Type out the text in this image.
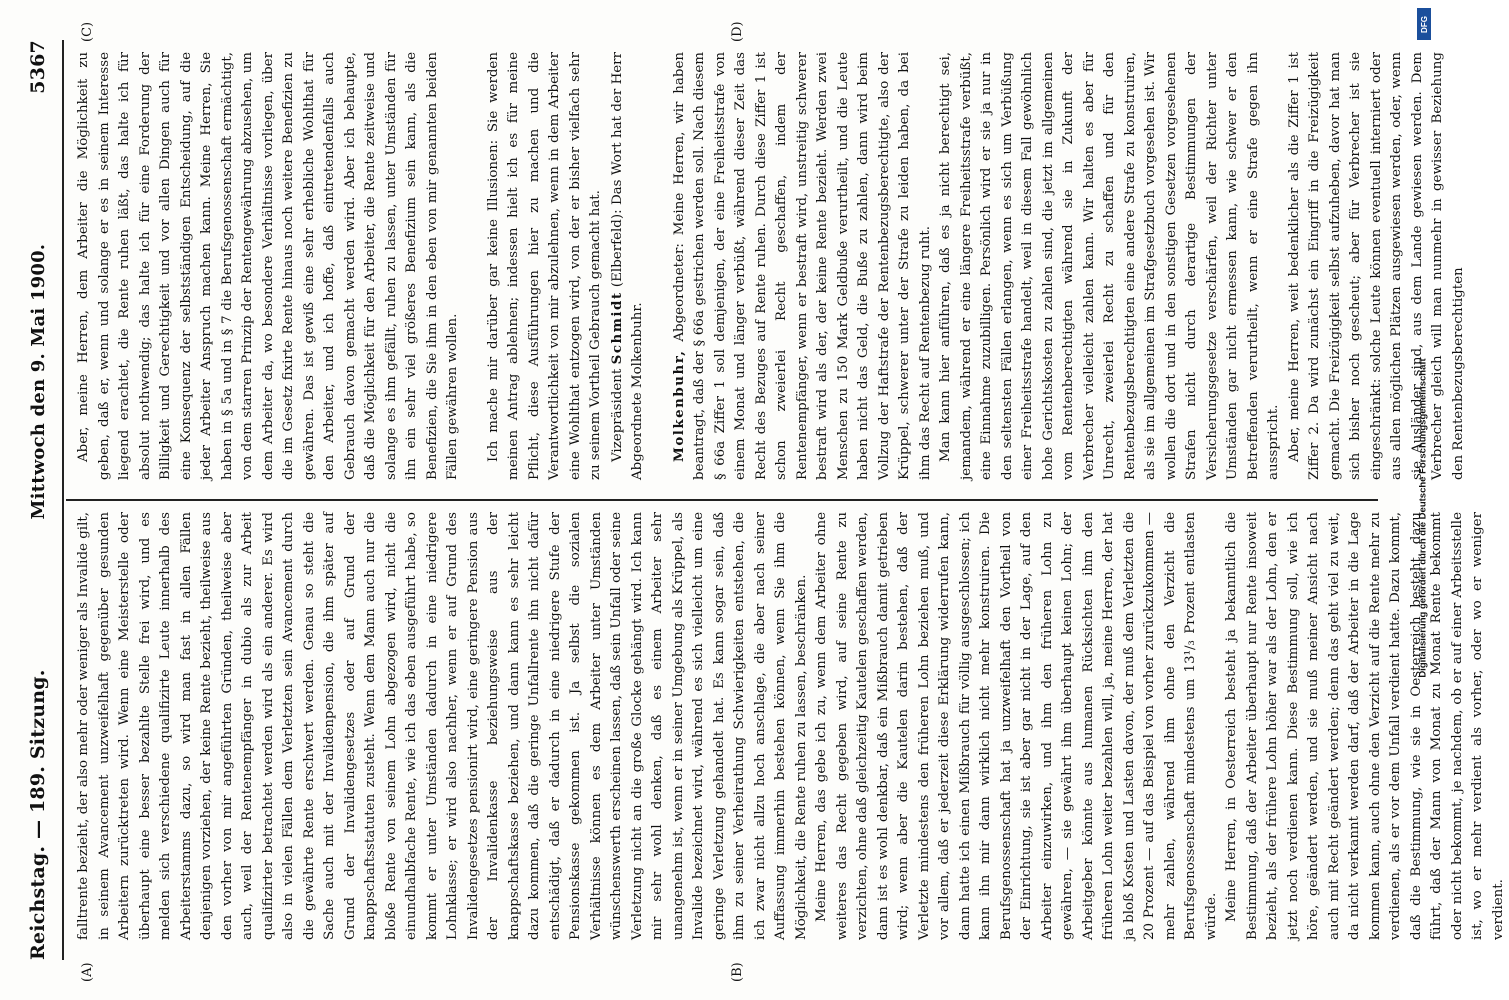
Reichstag. — 189. Sitzung.
Mittwoch den 9. Mai 1900.
5367
(A)	(B)
(C)	(D)

falltrente bezieht, der also mehr oder weniger als Invalide gilt, in seinem Avancement unzweifelhaft gegenüber gesunden Arbeitern zurücktreten wird. Wenn eine Meisterstelle oder überhaupt eine besser bezahlte Stelle frei wird, und es melden sich verschiedene qualifizirte Leute innerhalb des Arbeiterstamms dazu, so wird man fast in allen Fällen denjenigen vorziehen, der keine Rente bezieht, theilweise aus den vorher von mir angeführten Gründen, theilweise aber auch, weil der Rentenempfänger in dubio als zur Arbeit qualifizirter betrachtet werden wird als ein anderer. Es wird also in vielen Fällen dem Verletzten sein Avancement durch die gewährte Rente erschwert werden. Genau so steht die Sache auch mit der Invalidenpension, die ihm später auf Grund der Invalidengesetzes oder auf Grund der knappschaftsstatuten zusteht. Wenn dem Mann auch nur die bloße Rente von seinem Lohn abgezogen wird, nicht die einundhalbfache Rente, wie ich das eben ausgeführt habe, so kommt er unter Umständen dadurch in eine niedrigere Lohnklasse; er wird also nachher, wenn er auf Grund des Invalidengesetzes pensionirt wird, eine geringere Pension aus der Invalidenkasse beziehungsweise aus der knappschaftskasse beziehen, und dann kann es sehr leicht dazu kommen, daß die geringe Unfallrente ihn nicht dafür entschädigt, daß er dadurch in eine niedrigere Stufe der Pensionskasse gekommen ist. Ja selbst die sozialen Verhältnisse können es dem Arbeiter unter Umständen wünschenswerth erscheinen lassen, daß sein Unfall oder seine Verletzung nicht an die große Glocke gehängt wird. Ich kann mir sehr wohl denken, daß es einem Arbeiter sehr unangenehm ist, wenn er in seiner Umgebung als Krüppel, als Invalide bezeichnet wird, während es sich vielleicht um eine geringe Verletzung gehandelt hat. Es kann sogar sein, daß ihm zu seiner Verheirathung Schwierigkeiten entstehen, die ich zwar nicht allzu hoch anschlage, die aber nach seiner Auffassung immerhin bestehen können, wenn Sie ihm die Möglichkeit, die Rente ruhen zu lassen, beschränken. Meine Herren, das gebe ich zu, wenn dem Arbeiter ohne weiteres das Recht gegeben wird, auf seine Rente zu verzichten, ohne daß gleichzeitig Kautelen geschaffen werden, dann ist es wohl denkbar, daß ein Mißbrauch damit getrieben wird; wenn aber die Kautelen darin bestehen, daß der Verletzte mindestens den früheren Lohn beziehen muß, und vor allem, daß er jederzeit diese Erklärung widerrufen kann, dann hatte ich einen Mißbrauch für völlig ausgeschlossen; ich kann ihn mir dann wirklich nicht mehr konstruiren. Die Berufsgenossenschaft hat ja unzweifelhaft den Vortheil von der Einrichtung, sie ist aber gar nicht in der Lage, auf den Arbeiter einzuwirken, und ihm den früheren Lohn zu gewähren, — sie gewährt ihm überhaupt keinen Lohn; der Arbeitgeber könnte aus humanen Rücksichten ihm den früheren Lohn weiter bezahlen will, ja, meine Herren, der hat ja bloß Kosten und Lasten davon, der muß dem Verletzten die 20 Prozent — auf das Beispiel von vorher zurückzukommen — mehr zahlen, während ihm ohne den Verzicht die Berufsgenossenschaft mindestens um 13¹/₃ Prozent entlasten würde. Meine Herren, in Oesterreich besteht ja bekanntlich die Bestimmung, daß der Arbeiter überhaupt nur Rente insoweit bezieht, als der frühere Lohn höher war als der Lohn, den er jetzt noch verdienen kann. Diese Bestimmung soll, wie ich höre, geändert werden, und sie muß meiner Ansicht nach auch mit Recht geändert werden; denn das geht viel zu weit, da nicht verkannt werden darf, daß der Arbeiter in die Lage kommen kann, auch ohne den Verzicht auf die Rente mehr zu verdienen, als er vor dem Unfall verdient hatte. Dazu kommt, daß die Bestimmung, wie sie in Oesterreich besteht, dazu führt, daß der Mann von Monat zu Monat Rente bekommt oder nicht bekommt, je nachdem, ob er auf einer Arbeitsstelle ist, wo er mehr verdient als vorher, oder wo er weniger verdient.

Aber, meine Herren, dem Arbeiter die Möglichkeit zu geben, daß er, wenn und solange er es in seinem Interesse liegend erachtet, die Rente ruhen läßt, das halte ich für absolut nothwendig; das halte ich für eine Forderung der Billigkeit und Gerechtigkeit und vor allen Dingen auch für eine Konsequenz der selbstständigen Entscheidung, auf die jeder Arbeiter Anspruch machen kann. Meine Herren, Sie haben in § 5a und in § 7 die Berufsgenossenschaft ermächtigt, von dem starren Prinzip der Rentengewährung abzusehen, um dem Arbeiter da, wo besondere Verhältnisse vorliegen, über die im Gesetz fixirte Rente hinaus noch weitere Benefizien zu gewähren. Das ist gewiß eine sehr erhebliche Wohlthat für den Arbeiter, und ich hoffe, daß eintretendenfalls auch Gebrauch davon gemacht werden wird. Aber ich behaupte, daß die Möglichkeit für den Arbeiter, die Rente zeitweise und solange es ihm gefällt, ruhen zu lassen, unter Umständen für ihn ein sehr viel größeres Benefizium sein kann, als die Benefizien, die Sie ihm in den eben von mir genannten beiden Fällen gewähren wollen. Ich mache mir darüber gar keine Illusionen: Sie werden meinen Antrag ablehnen; indessen hielt ich es für meine Pflicht, diese Ausführungen hier zu machen und die Verantwortlichkeit von mir abzulehnen, wenn in dem Arbeiter eine Wohlthat entzogen wird, von der er bisher vielfach sehr zu seinem Vortheil Gebrauch gemacht hat. Vizepräsident Schmidt (Elberfeld): Das Wort hat der Herr Abgeordnete Molkenbuhr. Molkenbuhr, Abgeordneter: Meine Herren, wir haben beantragt, daß der § 66a gestrichen werden soll. Nach diesem § 66a Ziffer 1 soll demjenigen, der eine Freiheitsstrafe von einem Monat und länger verbüßt, während dieser Zeit das Recht des Bezuges auf Rente ruhen. Durch diese Ziffer 1 ist schon zweierlei Recht geschaffen, indem der Rentenempfänger, wenn er bestraft wird, unstreitig schwerer bestraft wird als der, der keine Rente bezieht. Werden zwei Menschen zu 150 Mark Geldbuße verurtheilt, und die Leute haben nicht das Geld, die Buße zu zahlen, dann wird beim Vollzug der Haftstrafe der Rentenbezugsberechtigte, also der Krüppel, schwerer unter der Strafe zu leiden haben, da bei ihm das Recht auf Rentenbezug ruht. Man kann hier anführen, daß es ja nicht berechtigt sei, jemandem, während er eine längere Freiheitsstrafe verbüßt, eine Einnahme zuzubilligen. Persönlich wird er sie ja nur in den seltensten Fällen erlangen, wenn es sich um Verbüßung einer Freiheitsstrafe handelt, weil in diesem Fall gewöhnlich hohe Gerichtskosten zu zahlen sind, die jetzt im allgemeinen vom Rentenberechtigten während sie in Zukunft der Verbrecher vielleicht zahlen kann. Wir halten es aber für Unrecht, zweierlei Recht zu schaffen und für den Rentenbezugsberechtigten eine andere Strafe zu konstruiren, als sie im allgemeinen im Strafgesetzbuch vorgesehen ist. Wir wollen die dort und in den sonstigen Gesetzen vorgesehenen Strafen nicht durch derartige Bestimmungen der Versicherungsgesetze verschärfen, weil der Richter unter Umständen gar nicht ermessen kann, wie schwer er den Betreffenden verurtheilt, wenn er eine Strafe gegen ihn ausspricht. Aber, meine Herren, weit bedenklicher als die Ziffer 1 ist Ziffer 2. Da wird zunächst ein Eingriff in die Freizügigkeit gemacht. Die Freizügigkeit selbst aufzuheben, davor hat man sich bisher noch gescheut; aber für Verbrecher ist sie eingeschränkt: solche Leute können eventuell interniert oder aus allen möglichen Plätzen ausgewiesen werden, oder, wenn sie Ausländer sind, aus dem Lande gewiesen werden. Dem Verbrecher gleich will man nunmehr in gewisser Beziehung den Rentenbezugsberechtigten

DFG
Digitalisierung gefördert durch die Deutsche Forschungsgemeinschaft
